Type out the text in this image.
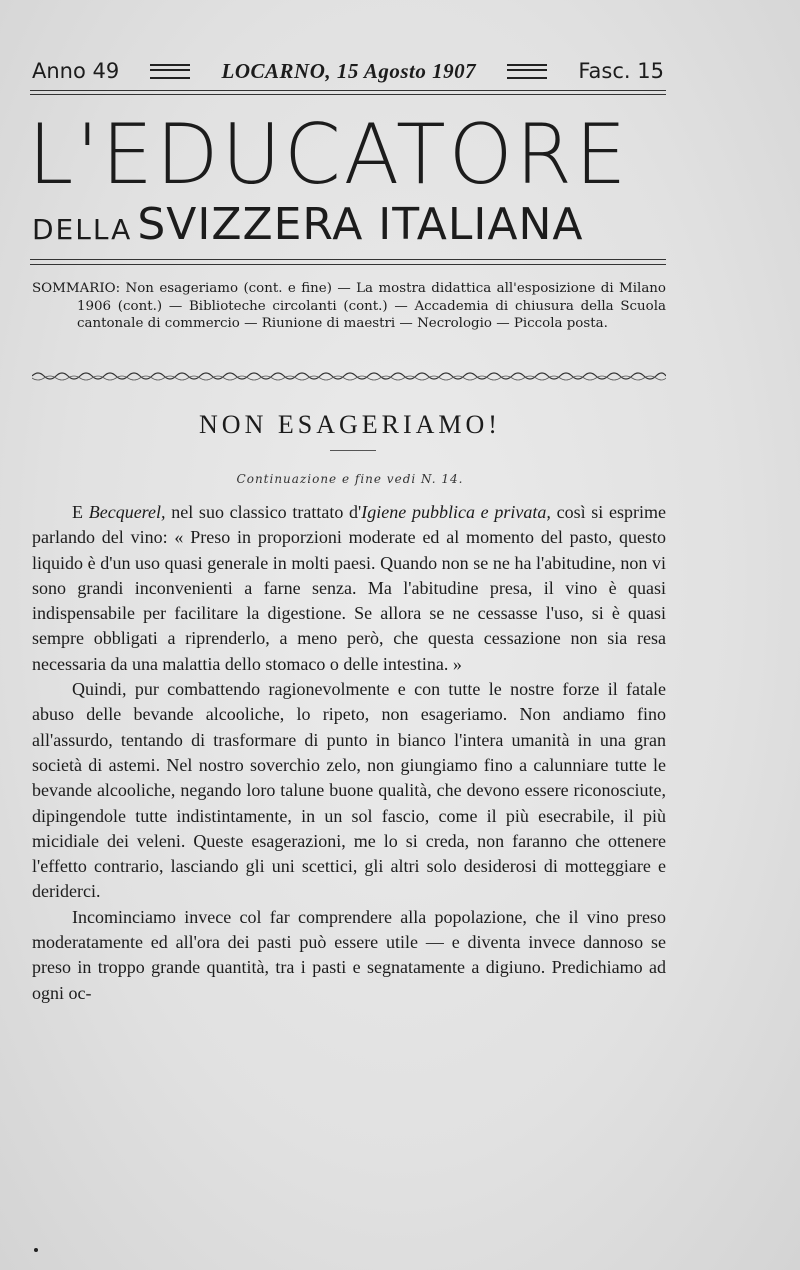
Anno 49	LOCARNO, 15 Agosto 1907	Fasc. 15
L'EDUCATORE
DELLA SVIZZERA ITALIANA

SOMMARIO: Non esageriamo (cont. e fine) — La mostra didattica all'esposizione di Milano 1906 (cont.) — Biblioteche circolanti (cont.) — Accademia di chiusura della Scuola cantonale di commercio — Riunione di maestri — Necrologio — Piccola posta.

NON ESAGERIAMO!
Continuazione e fine vedi N. 14.

E Becquerel, nel suo classico trattato d'Igiene pubblica e privata, così si esprime parlando del vino: « Preso in proporzioni moderate ed al momento del pasto, questo liquido è d'un uso quasi generale in molti paesi. Quando non se ne ha l'abitudine, non vi sono grandi inconvenienti a farne senza. Ma l'abitudine presa, il vino è quasi indispensabile per facilitare la digestione. Se allora se ne cessasse l'uso, si è quasi sempre obbligati a riprenderlo, a meno però, che questa cessazione non sia resa necessaria da una malattia dello stomaco o delle intestina. »

Quindi, pur combattendo ragionevolmente e con tutte le nostre forze il fatale abuso delle bevande alcooliche, lo ripeto, non esageriamo. Non andiamo fino all'assurdo, tentando di trasformare di punto in bianco l'intera umanità in una gran società di astemi. Nel nostro soverchio zelo, non giungiamo fino a calunniare tutte le bevande alcooliche, negando loro talune buone qualità, che devono essere riconosciute, dipingendole tutte indistintamente, in un sol fascio, come il più esecrabile, il più micidiale dei veleni. Queste esagerazioni, me lo si creda, non faranno che ottenere l'effetto contrario, lasciando gli uni scettici, gli altri solo desiderosi di motteggiare e deriderci.

Incominciamo invece col far comprendere alla popolazione, che il vino preso moderatamente ed all'ora dei pasti può essere utile — e diventa invece dannoso se preso in troppo grande quantità, tra i pasti e segnatamente a digiuno. Predichiamo ad ogni oc-
